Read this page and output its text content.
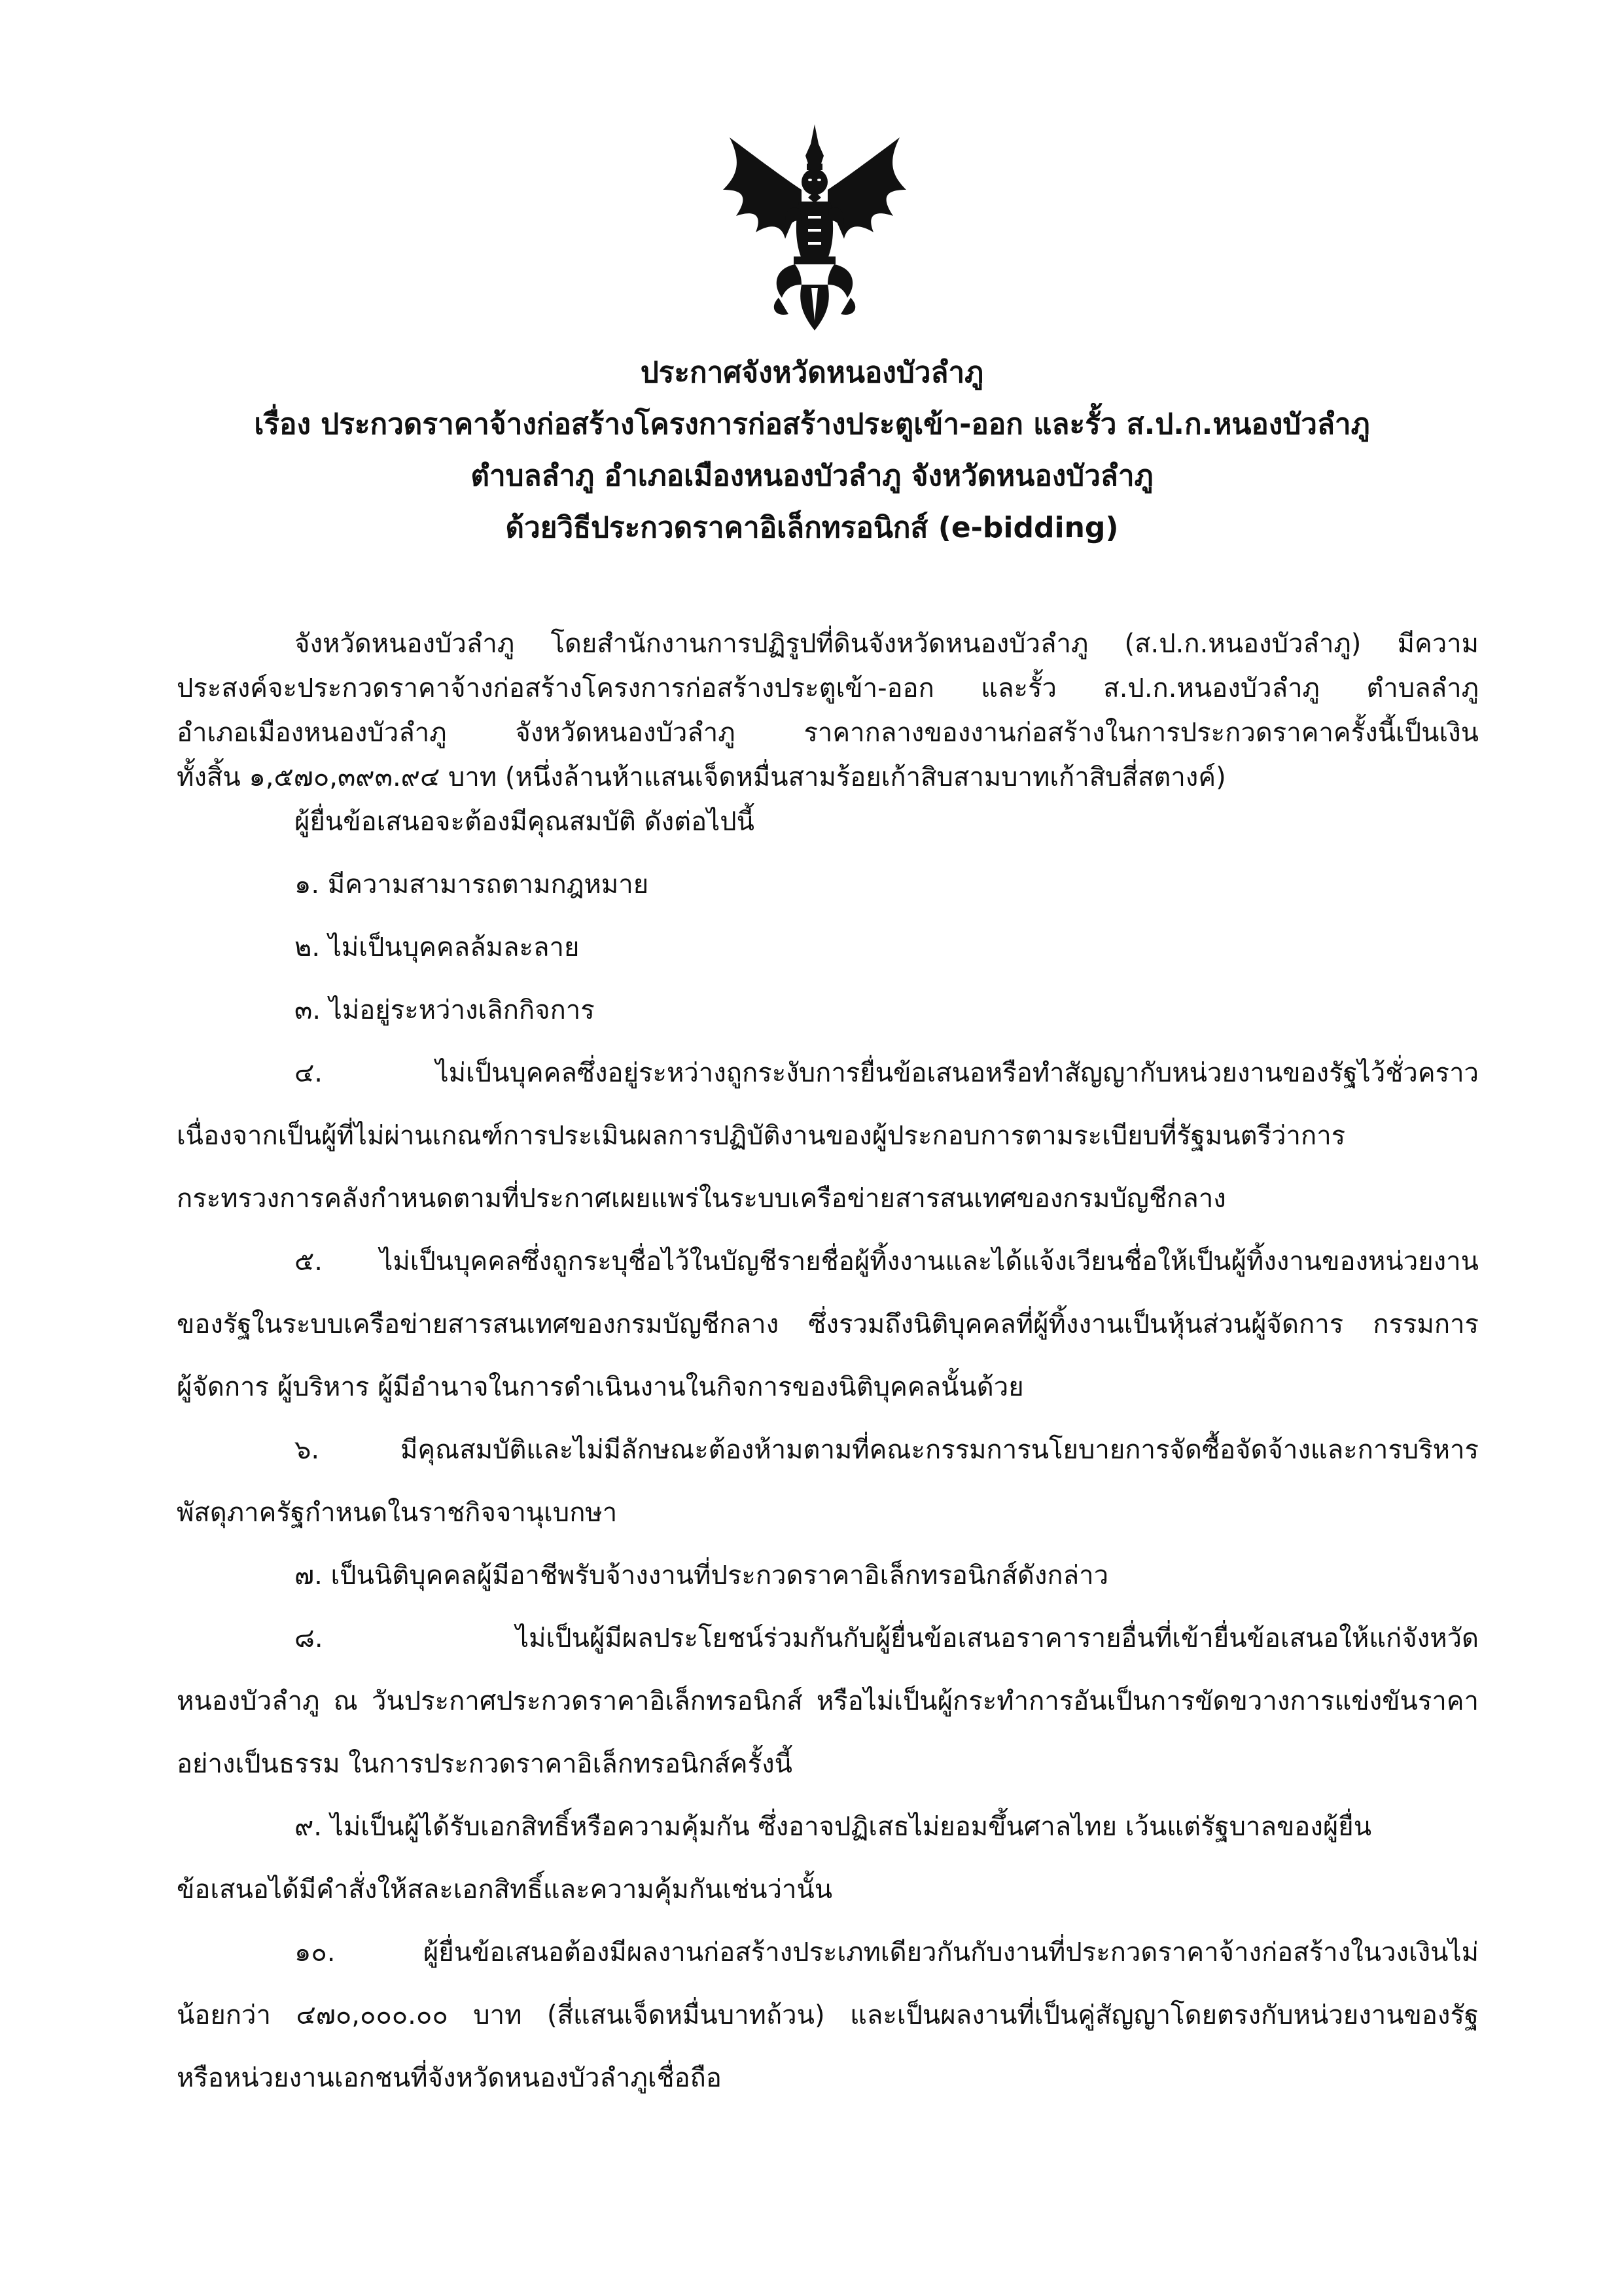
ประกาศจังหวัดหนองบัวลำภู
เรื่อง ประกวดราคาจ้างก่อสร้างโครงการก่อสร้างประตูเข้า-ออก และรั้ว ส.ป.ก.หนองบัวลำภู
ตำบลลำภู อำเภอเมืองหนองบัวลำภู จังหวัดหนองบัวลำภู
ด้วยวิธีประกวดราคาอิเล็กทรอนิกส์ (e-bidding)
จังหวัดหนองบัวลำภู โดยสำนักงานการปฏิรูปที่ดินจังหวัดหนองบัวลำภู (ส.ป.ก.หนองบัวลำภู) มีความ
ประสงค์จะประกวดราคาจ้างก่อสร้างโครงการก่อสร้างประตูเข้า-ออก และรั้ว ส.ป.ก.หนองบัวลำภู ตำบลลำภู
อำเภอเมืองหนองบัวลำภู จังหวัดหนองบัวลำภู ราคากลางของงานก่อสร้างในการประกวดราคาครั้งนี้เป็นเงิน
ทั้งสิ้น ๑,๕๗๐,๓๙๓.๙๔ บาท (หนึ่งล้านห้าแสนเจ็ดหมื่นสามร้อยเก้าสิบสามบาทเก้าสิบสี่สตางค์)
ผู้ยื่นข้อเสนอจะต้องมีคุณสมบัติ ดังต่อไปนี้
๑. มีความสามารถตามกฎหมาย
๒. ไม่เป็นบุคคลล้มละลาย
๓. ไม่อยู่ระหว่างเลิกกิจการ
๔. ไม่เป็นบุคคลซึ่งอยู่ระหว่างถูกระงับการยื่นข้อเสนอหรือทำสัญญากับหน่วยงานของรัฐไว้ชั่วคราว
เนื่องจากเป็นผู้ที่ไม่ผ่านเกณฑ์การประเมินผลการปฏิบัติงานของผู้ประกอบการตามระเบียบที่รัฐมนตรีว่าการ
กระทรวงการคลังกำหนดตามที่ประกาศเผยแพร่ในระบบเครือข่ายสารสนเทศของกรมบัญชีกลาง
๕. ไม่เป็นบุคคลซึ่งถูกระบุชื่อไว้ในบัญชีรายชื่อผู้ทิ้งงานและได้แจ้งเวียนชื่อให้เป็นผู้ทิ้งงานของหน่วยงาน
ของรัฐในระบบเครือข่ายสารสนเทศของกรมบัญชีกลาง ซึ่งรวมถึงนิติบุคคลที่ผู้ทิ้งงานเป็นหุ้นส่วนผู้จัดการ กรรมการ
ผู้จัดการ ผู้บริหาร ผู้มีอำนาจในการดำเนินงานในกิจการของนิติบุคคลนั้นด้วย
๖. มีคุณสมบัติและไม่มีลักษณะต้องห้ามตามที่คณะกรรมการนโยบายการจัดซื้อจัดจ้างและการบริหาร
พัสดุภาครัฐกำหนดในราชกิจจานุเบกษา
๗. เป็นนิติบุคคลผู้มีอาชีพรับจ้างงานที่ประกวดราคาอิเล็กทรอนิกส์ดังกล่าว
๘. ไม่เป็นผู้มีผลประโยชน์ร่วมกันกับผู้ยื่นข้อเสนอราคารายอื่นที่เข้ายื่นข้อเสนอให้แก่จังหวัด
หนองบัวลำภู ณ วันประกาศประกวดราคาอิเล็กทรอนิกส์ หรือไม่เป็นผู้กระทำการอันเป็นการขัดขวางการแข่งขันราคา
อย่างเป็นธรรม ในการประกวดราคาอิเล็กทรอนิกส์ครั้งนี้
๙. ไม่เป็นผู้ได้รับเอกสิทธิ์หรือความคุ้มกัน ซึ่งอาจปฏิเสธไม่ยอมขึ้นศาลไทย เว้นแต่รัฐบาลของผู้ยื่น
ข้อเสนอได้มีคำสั่งให้สละเอกสิทธิ์และความคุ้มกันเช่นว่านั้น
๑๐. ผู้ยื่นข้อเสนอต้องมีผลงานก่อสร้างประเภทเดียวกันกับงานที่ประกวดราคาจ้างก่อสร้างในวงเงินไม่
น้อยกว่า ๔๗๐,๐๐๐.๐๐ บาท (สี่แสนเจ็ดหมื่นบาทถ้วน) และเป็นผลงานที่เป็นคู่สัญญาโดยตรงกับหน่วยงานของรัฐ
หรือหน่วยงานเอกชนที่จังหวัดหนองบัวลำภูเชื่อถือ
